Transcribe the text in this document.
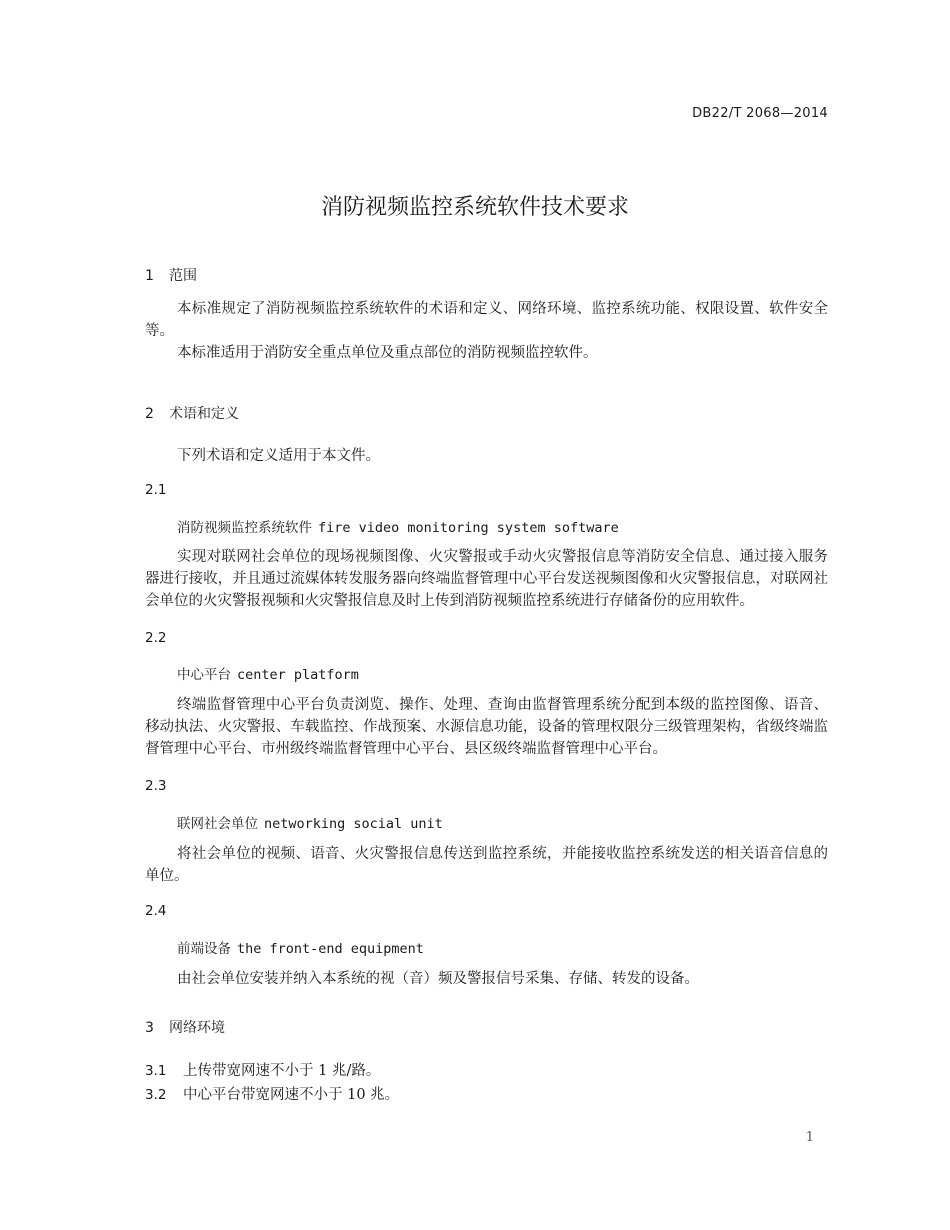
DB22/T 2068—2014
消防视频监控系统软件技术要求
1 范围

本标准规定了消防视频监控系统软件的术语和定义、网络环境、监控系统功能、权限设置、软件安全等。

本标准适用于消防安全重点单位及重点部位的消防视频监控软件。

2 术语和定义

下列术语和定义适用于本文件。

2.1
消防视频监控系统软件 fire video monitoring system software

实现对联网社会单位的现场视频图像、火灾警报或手动火灾警报信息等消防安全信息、通过接入服务器进行接收，并且通过流媒体转发服务器向终端监督管理中心平台发送视频图像和火灾警报信息，对联网社会单位的火灾警报视频和火灾警报信息及时上传到消防视频监控系统进行存储备份的应用软件。

2.2
中心平台 center platform

终端监督管理中心平台负责浏览、操作、处理、查询由监督管理系统分配到本级的监控图像、语音、移动执法、火灾警报、车载监控、作战预案、水源信息功能，设备的管理权限分三级管理架构，省级终端监督管理中心平台、市州级终端监督管理中心平台、县区级终端监督管理中心平台。

2.3
联网社会单位 networking social unit

将社会单位的视频、语音、火灾警报信息传送到监控系统，并能接收监控系统发送的相关语音信息的单位。

2.4
前端设备 the front-end equipment

由社会单位安装并纳入本系统的视（音）频及警报信号采集、存储、转发的设备。

3 网络环境
3.1 上传带宽网速不小于 1 兆/路。
3.2 中心平台带宽网速不小于 10 兆。
1
